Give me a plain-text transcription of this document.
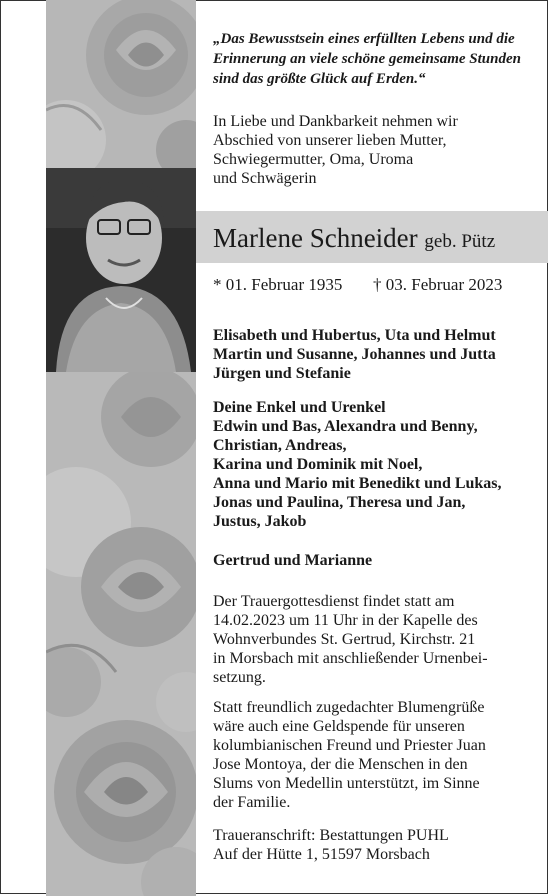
„Das Bewusstsein eines erfüllten Lebens und die
Erinnerung an viele schöne gemeinsame Stunden
sind das größte Glück auf Erden.“
In Liebe und Dankbarkeit nehmen wir
Abschied von unserer lieben Mutter,
Schwiegermutter, Oma, Uroma
und Schwägerin
Marlene Schneider geb. Pütz
* 01. Februar 1935 † 03. Februar 2023
Elisabeth und Hubertus, Uta und Helmut
Martin und Susanne, Johannes und Jutta
Jürgen und Stefanie
Deine Enkel und Urenkel
Edwin und Bas, Alexandra und Benny,
Christian, Andreas,
Karina und Dominik mit Noel,
Anna und Mario mit Benedikt und Lukas,
Jonas und Paulina, Theresa und Jan,
Justus, Jakob
Gertrud und Marianne
Der Trauergottesdienst findet statt am
14.02.2023 um 11 Uhr in der Kapelle des
Wohnverbundes St. Gertrud, Kirchstr. 21
in Morsbach mit anschließender Urnenbei-
setzung.
Statt freundlich zugedachter Blumengrüße
wäre auch eine Geldspende für unseren
kolumbianischen Freund und Priester Juan
Jose Montoya, der die Menschen in den
Slums von Medellin unterstützt, im Sinne
der Familie.
Traueranschrift: Bestattungen PUHL
Auf der Hütte 1, 51597 Morsbach
